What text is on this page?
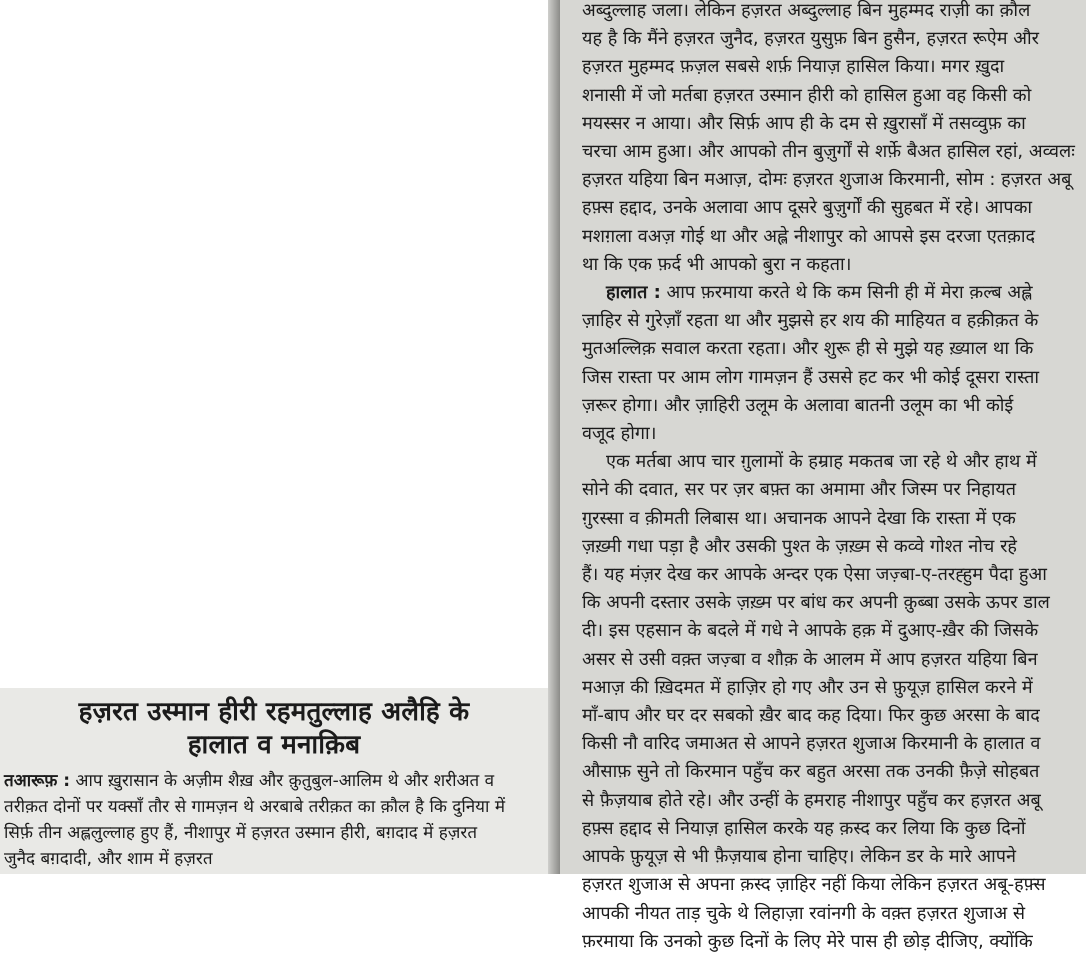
हज़रत उस्मान हीरी रहमतुल्लाह अलैहि के
हालात व मनाक़िब
तआरूफ़ : आप ख़ुरासान के अज़ीम शैख़ और क़ुतुबुल-आलिम थे और शरीअत व तरीक़त दोनों पर यक्साँ तौर से गामज़न थे अरबाबे तरीक़त का क़ौल है कि दुनिया में सिर्फ़ तीन अह्ललुल्लाह हुए हैं, नीशापुर में हज़रत उस्मान हीरी, बग़दाद में हज़रत जुनैद बग़दादी, और शाम में हज़रत
अब्दुल्लाह जला। लेकिन हज़रत अब्दुल्लाह बिन मुहम्मद राज़ी का क़ौल
यह है कि मैंने हज़रत जुनैद, हज़रत युसुफ़ बिन हुसैन, हज़रत रूऐम और
हज़रत मुहम्मद फ़ज़ल सबसे शर्फ़ नियाज़ हासिल किया। मगर ख़ुदा
शनासी में जो मर्तबा हज़रत उस्मान हीरी को हासिल हुआ वह किसी को
मयस्सर न आया। और सिर्फ़ आप ही के दम से ख़ुरासाँ में तसव्वुफ़ का
चरचा आम हुआ। और आपको तीन बुज़ुर्गों से शर्फ़े बैअत हासिल रहां, अव्वलः
हज़रत यहिया बिन मआज़, दोमः हज़रत शुजाअ किरमानी, सोम : हज़रत अबू
हफ़्स हद्दाद, उनके अलावा आप दूसरे बुज़ुर्गों की सुहबत में रहे। आपका
मशग़ला वअज़ गोई था और अह्ले नीशापुर को आपसे इस दरजा एतक़ाद
था कि एक फ़र्द भी आपको बुरा न कहता।
हालात : आप फ़रमाया करते थे कि कम सिनी ही में मेरा क़ल्ब अह्ले
ज़ाहिर से गुरेज़ाँ रहता था और मुझसे हर शय की माहियत व हक़ीक़त के
मुतअल्लिक़ सवाल करता रहता। और शुरू ही से मुझे यह ख़्याल था कि
जिस रास्ता पर आम लोग गामज़न हैं उससे हट कर भी कोई दूसरा रास्ता
ज़रूर होगा। और ज़ाहिरी उलूम के अलावा बातनी उलूम का भी कोई
वजूद होगा।
एक मर्तबा आप चार ग़ुलामों के हम्राह मकतब जा रहे थे और हाथ में
सोने की दवात, सर पर ज़र बफ़्त का अमामा और जिस्म पर निहायत
ग़ुरस्सा व क़ीमती लिबास था। अचानक आपने देखा कि रास्ता में एक
ज़ख़्मी गधा पड़ा है और उसकी पुश्त के ज़ख़्म से कव्वे गोश्त नोच रहे
हैं। यह मंज़र देख कर आपके अन्दर एक ऐसा जज़्बा-ए-तरह्हुम पैदा हुआ
कि अपनी दस्तार उसके ज़ख़्म पर बांध कर अपनी क़ुब्बा उसके ऊपर डाल
दी। इस एहसान के बदले में गधे ने आपके हक़ में दुआए-ख़ैर की जिसके
असर से उसी वक़्त जज़्बा व शौक़ के आलम में आप हज़रत यहिया बिन
मआज़ की ख़िदमत में हाज़िर हो गए और उन से फ़ुयूज़ हासिल करने में
माँ-बाप और घर दर सबको ख़ैर बाद कह दिया। फिर कुछ अरसा के बाद
किसी नौ वारिद जमाअत से आपने हज़रत शुजाअ किरमानी के हालात व
औसाफ़ सुने तो किरमान पहुँच कर बहुत अरसा तक उनकी फ़ैज़े सोहबत
से फ़ैज़याब होते रहे। और उन्हीं के हमराह नीशापुर पहुँच कर हज़रत अबू
हफ़्स हद्दाद से नियाज़ हासिल करके यह क़स्द कर लिया कि कुछ दिनों
आपके फ़ुयूज़ से भी फ़ैज़याब होना चाहिए। लेकिन डर के मारे आपने
हज़रत शुजाअ से अपना क़स्द ज़ाहिर नहीं किया लेकिन हज़रत अबू-हफ़्स
आपकी नीयत ताड़ चुके थे लिहाज़ा रवांनगी के वक़्त हज़रत शुजाअ से
फ़रमाया कि उनको कुछ दिनों के लिए मेरे पास ही छोड़ दीजिए, क्योंकि
